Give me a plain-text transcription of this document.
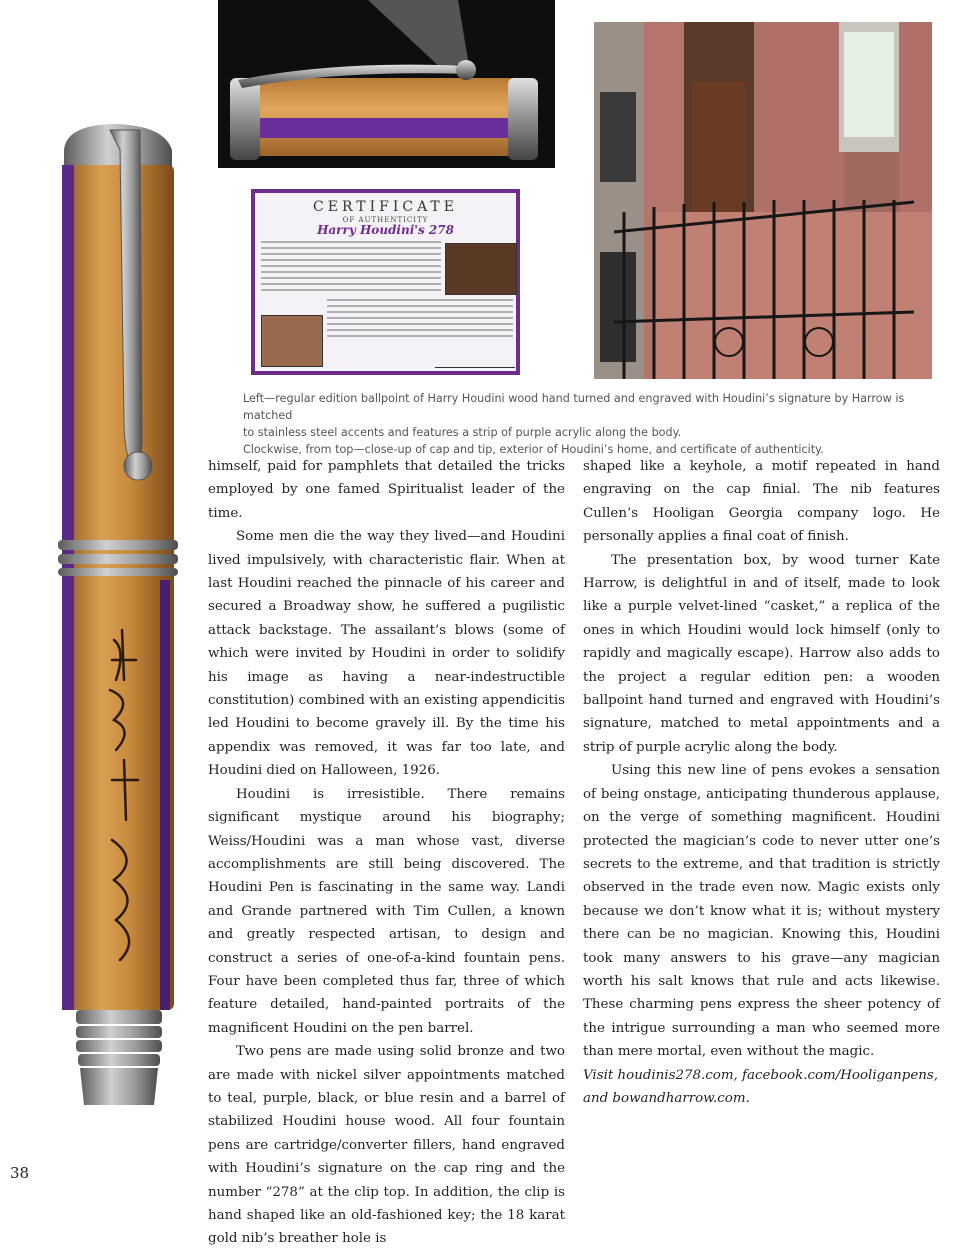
CERTIFICATE
OF AUTHENTICITY
Harry Houdini's 278

Left—regular edition ballpoint of Harry Houdini wood hand turned and engraved with Houdini’s signature by Harrow is matched

to stainless steel accents and features a strip of purple acrylic along the body.

Clockwise, from top—close-up of cap and tip, exterior of Houdini’s home, and certificate of authenticity.

himself, paid for pamphlets that detailed the tricks employed by one famed Spiritualist leader of the time.

Some men die the way they lived—and Houdini lived impulsively, with characteristic flair. When at last Houdini reached the pinnacle of his career and secured a Broadway show, he suffered a pugilistic attack backstage. The assailant’s blows (some of which were invited by Houdini in order to solidify his image as having a near-indestructible constitution) combined with an existing appendicitis led Houdini to become gravely ill. By the time his appendix was removed, it was far too late, and Houdini died on Halloween, 1926.

Houdini is irresistible. There remains significant mystique around his biography; Weiss/Houdini was a man whose vast, diverse accomplishments are still being discovered. The Houdini Pen is fascinating in the same way. Landi and Grande partnered with Tim Cullen, a known and greatly respected artisan, to design and construct a series of one-of-a-kind fountain pens. Four have been completed thus far, three of which feature detailed, hand-painted portraits of the magnificent Houdini on the pen barrel.

Two pens are made using solid bronze and two are made with nickel silver appointments matched to teal, purple, black, or blue resin and a barrel of stabilized Houdini house wood. All four fountain pens are cartridge/converter fillers, hand engraved with Houdini’s signature on the cap ring and the number “278” at the clip top. In addition, the clip is hand shaped like an old-fashioned key; the 18 karat gold nib’s breather hole is

shaped like a keyhole, a motif repeated in hand engraving on the cap finial. The nib features Cullen’s Hooligan Georgia company logo. He personally applies a final coat of finish.

The presentation box, by wood turner Kate Harrow, is delightful in and of itself, made to look like a purple velvet-lined “casket,” a replica of the ones in which Houdini would lock himself (only to rapidly and magically escape). Harrow also adds to the project a regular edition pen: a wooden ballpoint hand turned and engraved with Houdini’s signature, matched to metal appointments and a strip of purple acrylic along the body.

Using this new line of pens evokes a sensation of being onstage, anticipating thunderous applause, on the verge of something magnificent. Houdini protected the magician’s code to never utter one’s secrets to the extreme, and that tradition is strictly observed in the trade even now. Magic exists only because we don’t know what it is; without mystery there can be no magician. Knowing this, Houdini took many answers to his grave—any magician worth his salt knows that rule and acts likewise. These charming pens express the sheer potency of the intrigue surrounding a man who seemed more than mere mortal, even without the magic.

Visit houdinis278.com, facebook.com/Hooliganpens, and bowandharrow.com.

38
